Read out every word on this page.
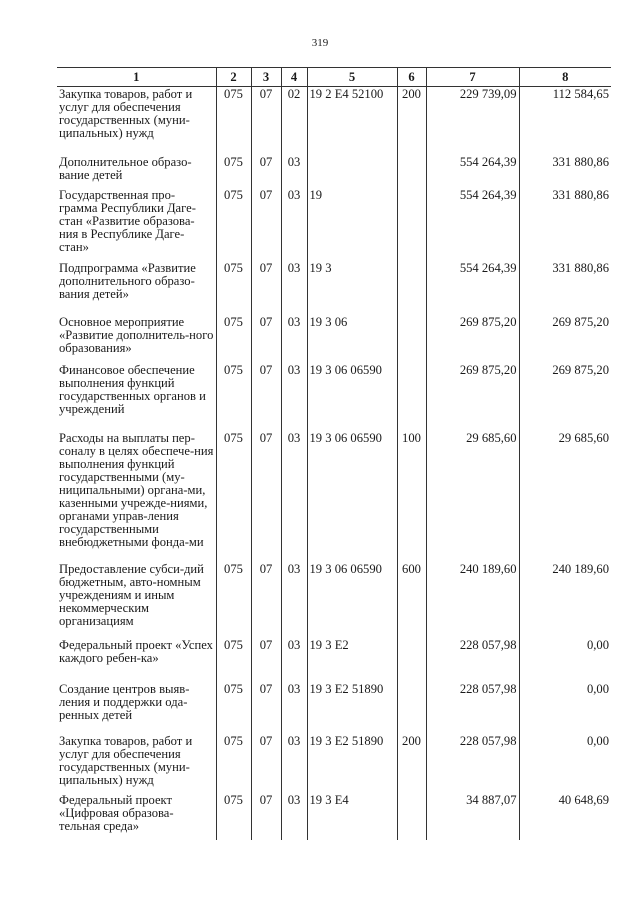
319
1	2	3	4	5	6	7	8
Закупка товаров, работ и услуг для обеспечения государственных (муни-ципальных) нужд	075	07	02	19 2 Е4 52100	200	229 739,09	112 584,65
Дополнительное образо-вание детей	075	07	03			554 264,39	331 880,86
Государственная про-грамма Республики Даге-стан «Развитие образова-ния в Республике Даге-стан»	075	07	03	19		554 264,39	331 880,86
Подпрограмма «Развитие дополнительного образо-вания детей»	075	07	03	19 3		554 264,39	331 880,86
Основное мероприятие «Развитие дополнитель-ного образования»	075	07	03	19 3 06		269 875,20	269 875,20
Финансовое обеспечение выполнения функций государственных органов и учреждений	075	07	03	19 3 06 06590		269 875,20	269 875,20
Расходы на выплаты пер-соналу в целях обеспече-ния выполнения функций государственными (му-ниципальными) органа-ми, казенными учрежде-ниями, органами управ-ления государственными внебюджетными фонда-ми	075	07	03	19 3 06 06590	100	29 685,60	29 685,60
Предоставление субси-дий бюджетным, авто-номным учреждениям и иным некоммерческим организациям	075	07	03	19 3 06 06590	600	240 189,60	240 189,60
Федеральный проект «Успех каждого ребен-ка»	075	07	03	19 3 Е2		228 057,98	0,00
Создание центров выяв-ления и поддержки ода-ренных детей	075	07	03	19 3 Е2 51890		228 057,98	0,00
Закупка товаров, работ и услуг для обеспечения государственных (муни-ципальных) нужд	075	07	03	19 3 Е2 51890	200	228 057,98	0,00
Федеральный проект «Цифровая образова-тельная среда»	075	07	03	19 3 Е4		34 887,07	40 648,69
